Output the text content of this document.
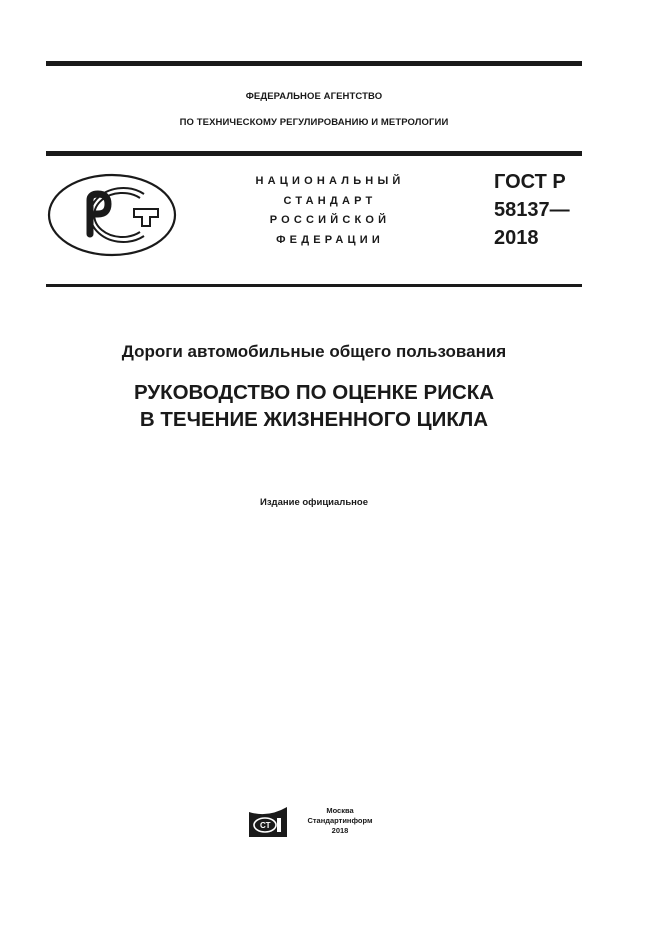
ФЕДЕРАЛЬНОЕ АГЕНТСТВО
ПО ТЕХНИЧЕСКОМУ РЕГУЛИРОВАНИЮ И МЕТРОЛОГИИ
НАЦИОНАЛЬНЫЙ
СТАНДАРТ
РОССИЙСКОЙ
ФЕДЕРАЦИИ
ГОСТ Р
58137—
2018
Дороги автомобильные общего пользования
РУКОВОДСТВО ПО ОЦЕНКЕ РИСКА
В ТЕЧЕНИЕ ЖИЗНЕННОГО ЦИКЛА
Издание официальное
СТ
Москва
Стандартинформ
2018
